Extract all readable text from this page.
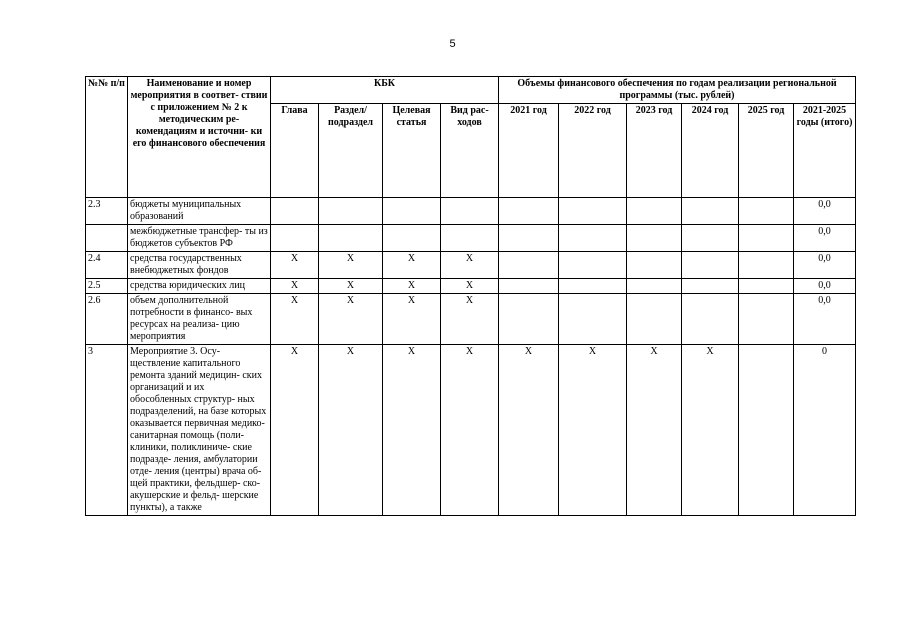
5
№№ п/п	Наименование и номер мероприятия в соответ- ствии с приложением № 2 к методическим ре- комендациям и источни- ки его финансового обеспечения	КБК				Объемы финансового обеспечения по годам реализации региональной программы (тыс. рублей)					
		Глава	Раздел/ подраздел	Целевая статья	Вид рас- ходов	2021 год	2022 год	2023 год	2024 год	2025 год	2021-2025 годы (итого)
2.3	бюджеты муниципальных образований										0,0
	межбюджетные трансфер- ты из бюджетов субъектов РФ										0,0
2.4	средства государственных внебюджетных фондов	Х	Х	Х	Х						0,0
2.5	средства юридических лиц	Х	Х	Х	Х						0,0
2.6	объем дополнительной потребности в финансо- вых ресурсах на реализа- цию мероприятия	Х	Х	Х	Х						0,0
3	Мероприятие 3. Осу- ществление капитального ремонта зданий медицин- ских организаций и их обособленных структур- ных подразделений, на базе которых оказывается первичная медико- санитарная помощь (поли- клиники, поликлиниче- ские подразде- ления, амбулатории отде- ления (центры) врача об- щей практики, фельдшер- ско-акушерские и фельд- шерские пункты), а также	Х	Х	Х	Х	Х	Х	Х	Х		0
